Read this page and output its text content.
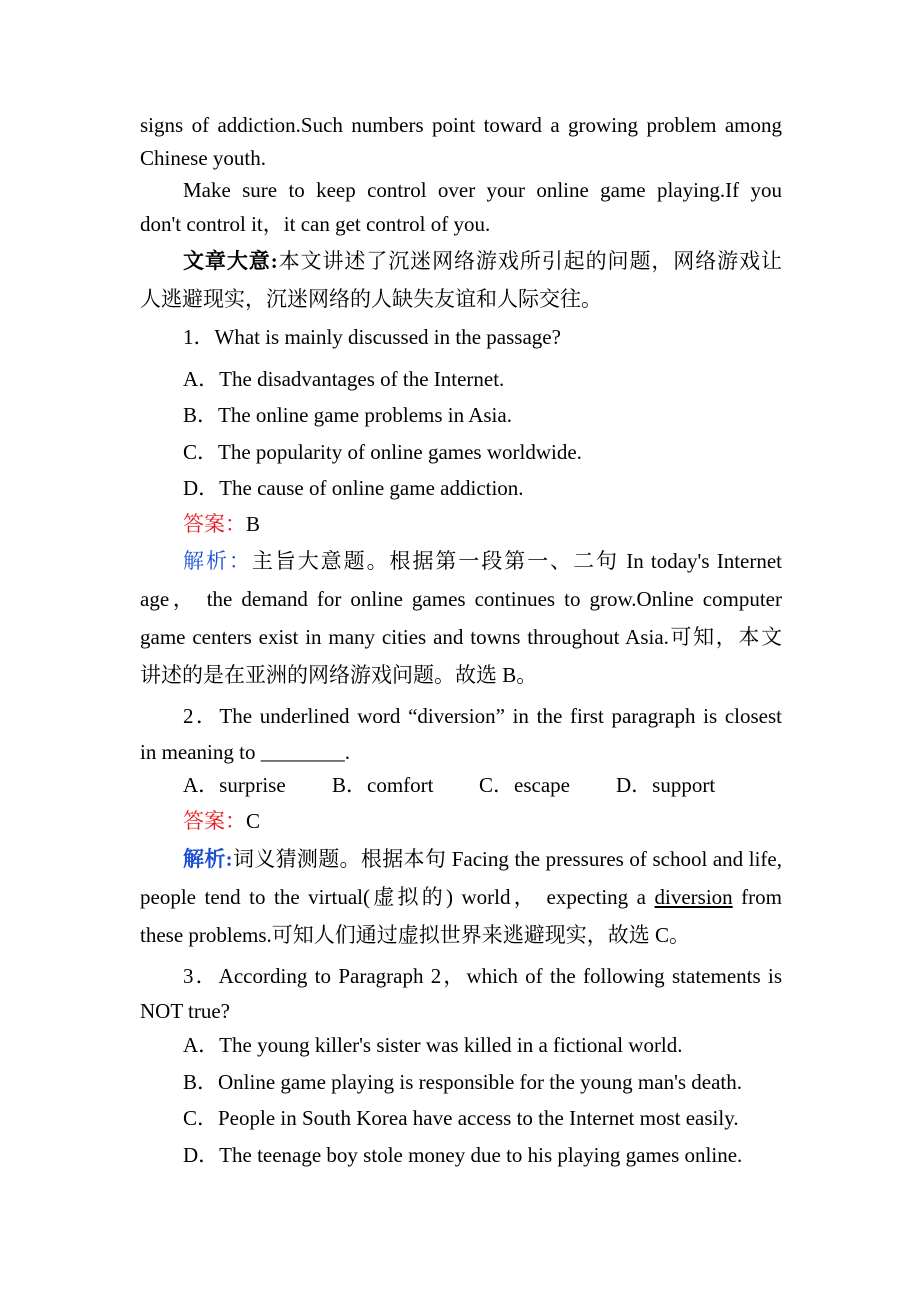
signs of addiction.Such numbers point toward a growing problem among
Chinese youth.
Make sure to keep control over your online game playing.If you
don't control it，it can get control of you.
文章大意:本文讲述了沉迷网络游戏所引起的问题，网络游戏让
人逃避现实，沉迷网络的人缺失友谊和人际交往。
1．What is mainly discussed in the passage?
A．The disadvantages of the Internet.
B．The online game problems in Asia.
C．The popularity of online games worldwide.
D．The cause of online game addiction.
答案：B
解析：主旨大意题。根据第一段第一、二句 In today's Internet
age， the demand for online games continues to grow.Online computer
game centers exist in many cities and towns throughout Asia.可知，本文
讲述的是在亚洲的网络游戏问题。故选 B。
2．The underlined word “diversion” in the first paragraph is closest
in meaning to ________.
A．surprise B．comfort C．escape D．support
答案：C
解析:词义猜测题。根据本句 Facing the pressures of school and life,
people tend to the virtual(虚拟的) world， expecting a diversion from
these problems.可知人们通过虚拟世界来逃避现实，故选 C。
3．According to Paragraph 2，which of the following statements is
NOT true?
A．The young killer's sister was killed in a fictional world.
B．Online game playing is responsible for the young man's death.
C．People in South Korea have access to the Internet most easily.
D．The teenage boy stole money due to his playing games online.
